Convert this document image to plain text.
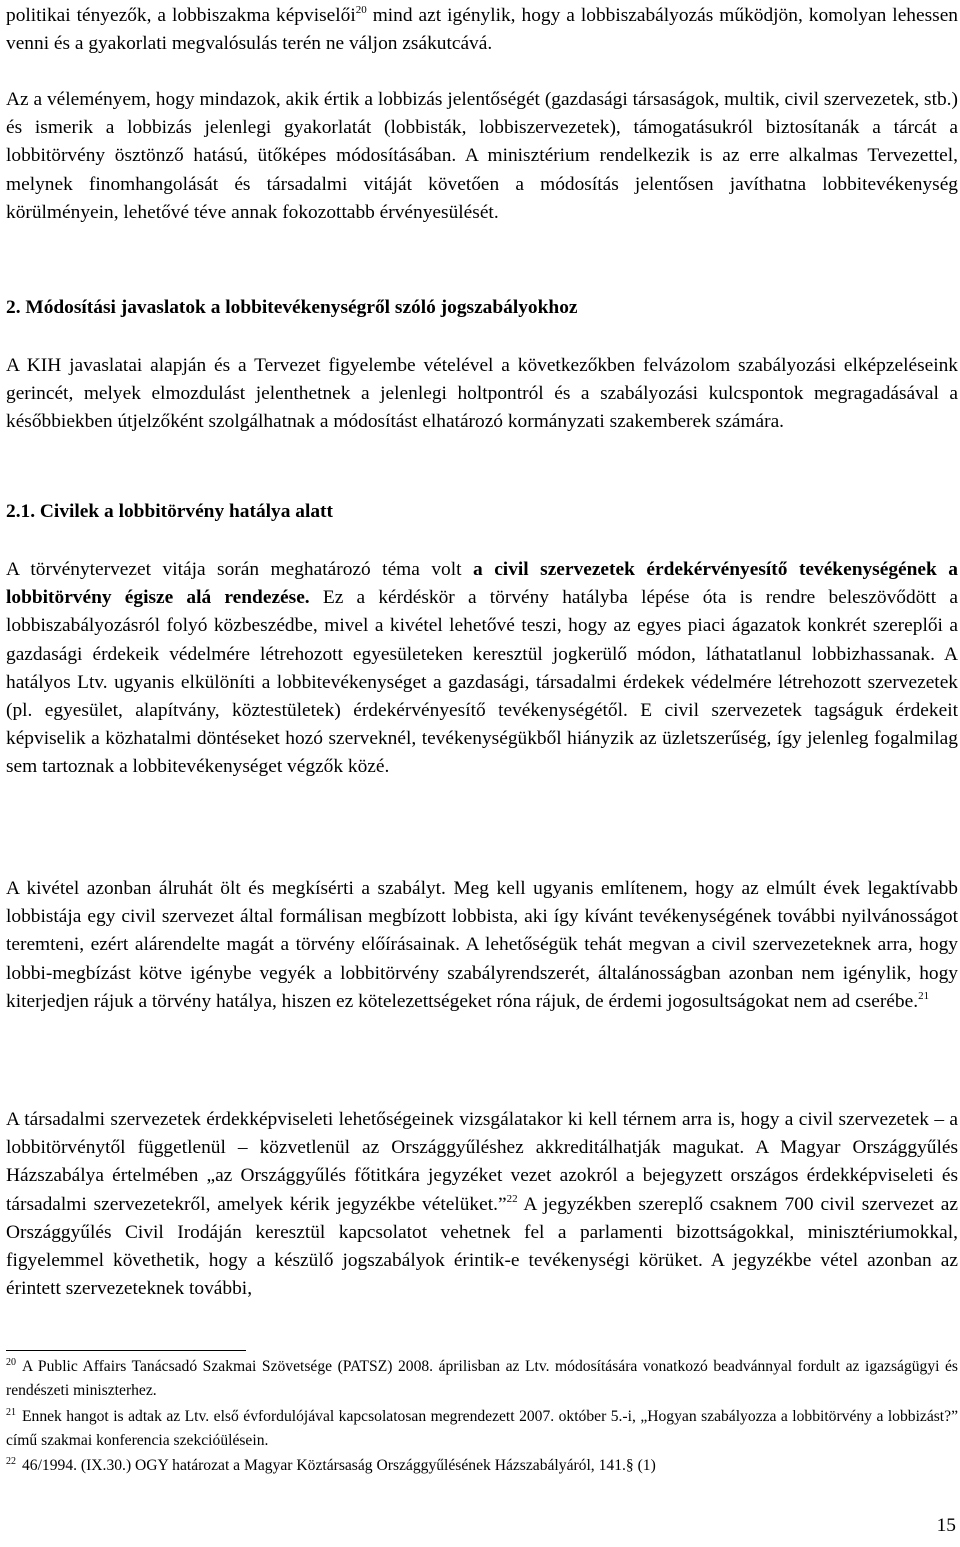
politikai tényezők, a lobbiszakma képviselői$^{20}$ mind azt igénylik, hogy a lobbiszabályozás működjön, komolyan lehessen venni és a gyakorlati megvalósulás terén ne váljon zsákutcává.

Az a véleményem, hogy mindazok, akik értik a lobbizás jelentőségét (gazdasági társaságok, multik, civil szervezetek, stb.) és ismerik a lobbizás jelenlegi gyakorlatát (lobbisták, lobbiszervezetek), támogatásukról biztosítanák a tárcát a lobbitörvény ösztönző hatású, ütőképes módosításában. A minisztérium rendelkezik is az erre alkalmas Tervezettel, melynek finomhangolását és társadalmi vitáját követően a módosítás jelentősen javíthatna lobbitevékenység körülményein, lehetővé téve annak fokozottabb érvényesülését.

2. Módosítási javaslatok a lobbitevékenységről szóló jogszabályokhoz

A KIH javaslatai alapján és a Tervezet figyelembe vételével a következőkben felvázolom szabályozási elképzeléseink gerincét, melyek elmozdulást jelenthetnek a jelenlegi holtpontról és a szabályozási kulcspontok megragadásával a későbbiekben útjelzőként szolgálhatnak a módosítást elhatározó kormányzati szakemberek számára.

2.1. Civilek a lobbitörvény hatálya alatt

A törvénytervezet vitája során meghatározó téma volt a civil szervezetek érdekérvényesítő tevékenységének a lobbitörvény égisze alá rendezése. Ez a kérdéskör a törvény hatályba lépése óta is rendre beleszövődött a lobbiszabályozásról folyó közbeszédbe, mivel a kivétel lehetővé teszi, hogy az egyes piaci ágazatok konkrét szereplői a gazdasági érdekeik védelmére létrehozott egyesületeken keresztül jogkerülő módon, láthatatlanul lobbizhassanak. A hatályos Ltv. ugyanis elkülöníti a lobbitevékenységet a gazdasági, társadalmi érdekek védelmére létrehozott szervezetek (pl. egyesület, alapítvány, köztestületek) érdekérvényesítő tevékenységétől. E civil szervezetek tagságuk érdekeit képviselik a közhatalmi döntéseket hozó szerveknél, tevékenységükből hiányzik az üzletszerűség, így jelenleg fogalmilag sem tartoznak a lobbitevékenységet végzők közé.

A kivétel azonban álruhát ölt és megkísérti a szabályt. Meg kell ugyanis említenem, hogy az elmúlt évek legaktívabb lobbistája egy civil szervezet által formálisan megbízott lobbista, aki így kívánt tevékenységének további nyilvánosságot teremteni, ezért alárendelte magát a törvény előírásainak. A lehetőségük tehát megvan a civil szervezeteknek arra, hogy lobbi-megbízást kötve igénybe vegyék a lobbitörvény szabályrendszerét, általánosságban azonban nem igénylik, hogy kiterjedjen rájuk a törvény hatálya, hiszen ez kötelezettségeket róna rájuk, de érdemi jogosultságokat nem ad cserébe.$^{21}$

A társadalmi szervezetek érdekképviseleti lehetőségeinek vizsgálatakor ki kell térnem arra is, hogy a civil szervezetek – a lobbitörvénytől függetlenül – közvetlenül az Országgyűléshez akkreditálhatják magukat. A Magyar Országgyűlés Házszabálya értelmében „az Országgyűlés főtitkára jegyzéket vezet azokról a bejegyzett országos érdekképviseleti és társadalmi szervezetekről, amelyek kérik jegyzékbe vételüket.”$^{22}$ A jegyzékben szereplő csaknem 700 civil szervezet az Országgyűlés Civil Irodáján keresztül kapcsolatot vehetnek fel a parlamenti bizottságokkal, minisztériumokkal, figyelemmel követhetik, hogy a készülő jogszabályok érintik-e tevékenységi körüket. A jegyzékbe vétel azonban az érintett szervezeteknek további,

$^{20}$ A Public Affairs Tanácsadó Szakmai Szövetsége (PATSZ) 2008. áprilisban az Ltv. módosítására vonatkozó beadvánnyal fordult az igazságügyi és rendészeti miniszterhez.

$^{21}$ Ennek hangot is adtak az Ltv. első évfordulójával kapcsolatosan megrendezett 2007. október 5.-i, „Hogyan szabályozza a lobbitörvény a lobbizást?” című szakmai konferencia szekcióülésein.

$^{22}$ 46/1994. (IX.30.) OGY határozat a Magyar Köztársaság Országgyűlésének Házszabályáról, 141.§ (1)

15
